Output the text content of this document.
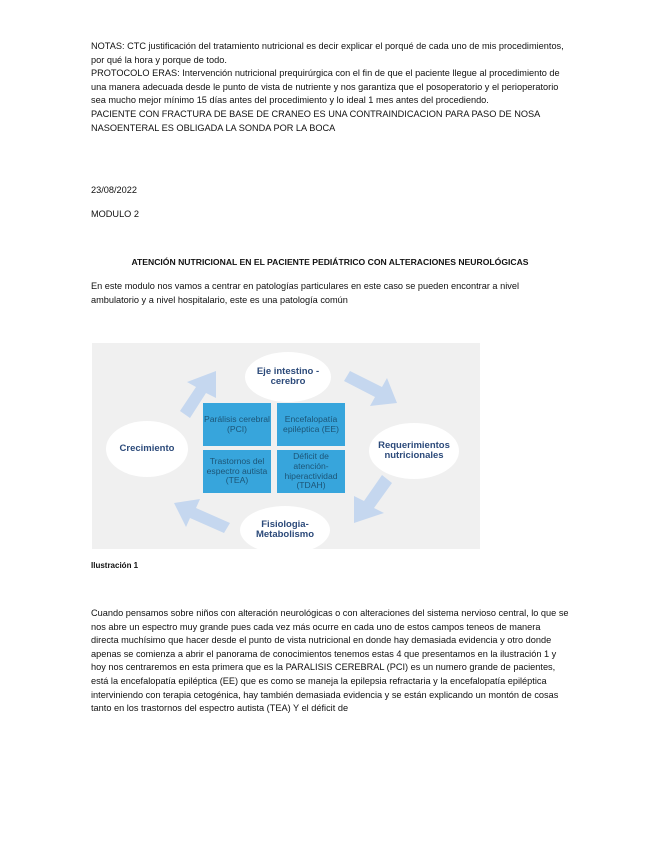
NOTAS: CTC justificación del tratamiento nutricional es decir explicar el porqué de cada uno de mis procedimientos, por qué la hora y porque de todo.

PROTOCOLO ERAS: Intervención nutricional prequirúrgica con el fin de que el paciente llegue al procedimiento de una manera adecuada desde le punto de vista de nutriente y nos garantiza que el posoperatorio y el perioperatorio sea mucho mejor mínimo 15 días antes del procedimiento y lo ideal 1 mes antes del procediendo.

PACIENTE CON FRACTURA DE BASE DE CRANEO ES UNA CONTRAINDICACION PARA PASO DE NOSA NASOENTERAL ES OBLIGADA LA SONDA POR LA BOCA

23/08/2022
MODULO 2
ATENCIÓN NUTRICIONAL EN EL PACIENTE PEDIÁTRICO CON ALTERACIONES NEUROLÓGICAS
En este modulo nos vamos a centrar en patologías particulares en este caso se pueden encontrar a nivel ambulatorio y a nivel hospitalario, este es una patología común
Eje intestino -cerebro
Requerimientos nutricionales
Fisiologia-Metabolismo
Crecimiento
Parálisis cerebral (PCI)
Encefalopatía epiléptica (EE)
Trastornos del espectro autista (TEA)
Déficit de atención-hiperactividad (TDAH)
Ilustración 1
Cuando pensamos sobre niños con alteración neurológicas o con alteraciones del sistema nervioso central, lo que se nos abre un espectro muy grande pues cada vez más ocurre en cada uno de estos campos teneos de manera directa muchísimo que hacer desde el punto de vista nutricional en donde hay demasiada evidencia y otro donde apenas se comienza a abrir el panorama de conocimientos tenemos estas 4 que presentamos en la ilustración 1 y hoy nos centraremos en esta primera que es la PARALISIS CEREBRAL (PCI) es un numero grande de pacientes, está la encefalopatía epiléptica (EE) que es como se maneja la epilepsia refractaria y la encefalopatía epiléptica interviniendo con terapia cetogénica, hay también demasiada evidencia y se están explicando un montón de cosas tanto en los trastornos del espectro autista (TEA) Y el déficit de
